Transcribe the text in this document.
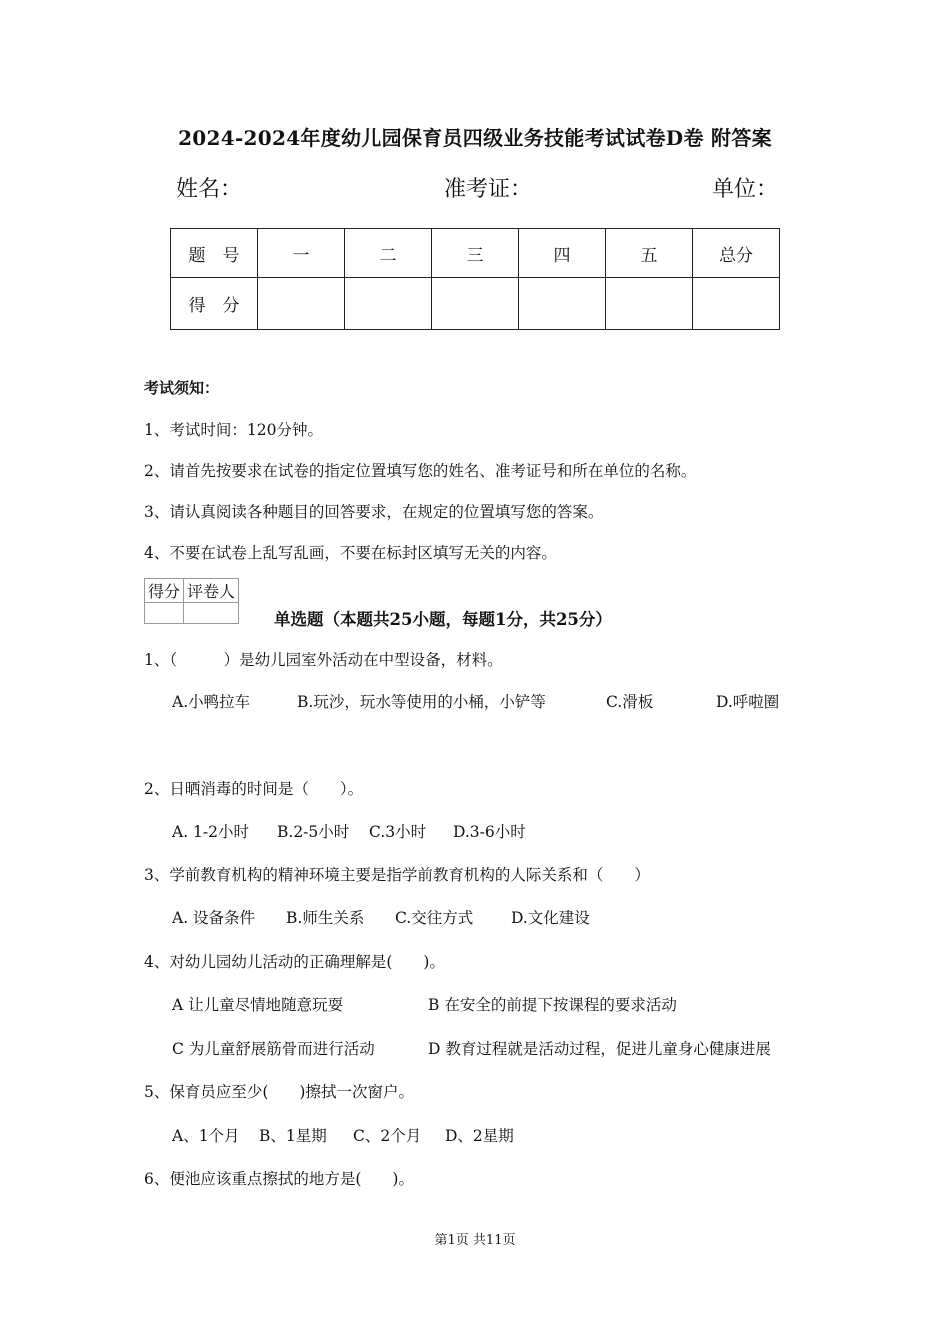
2024-2024年度幼儿园保育员四级业务技能考试试卷D卷 附答案
姓名：	准考证：	单位：
题　号	一	二	三	四	五	总分
得　分						
考试须知：
1、考试时间：120分钟。
2、请首先按要求在试卷的指定位置填写您的姓名、准考证号和所在单位的名称。
3、请认真阅读各种题目的回答要求，在规定的位置填写您的答案。
4、不要在试卷上乱写乱画，不要在标封区填写无关的内容。
得分	评卷人

单选题（本题共25小题，每题1分，共25分）
1、（　　　）是幼儿园室外活动在中型设备，材料。
A.小鸭拉车	B.玩沙，玩水等使用的小桶，小铲等	C.滑板	D.呼啦圈
2、日晒消毒的时间是（　　）。
A. 1-2小时 B.2-5小时 C.3小时 D.3-6小时
3、学前教育机构的精神环境主要是指学前教育机构的人际关系和（　　）
A. 设备条件 B.师生关系 C.交往方式 D.文化建设
4、对幼儿园幼儿活动的正确理解是(　　)。
A 让儿童尽情地随意玩耍	B 在安全的前提下按课程的要求活动
C 为儿童舒展筋骨而进行活动	D 教育过程就是活动过程，促进儿童身心健康进展
5、保育员应至少(　　)擦拭一次窗户。
A、1个月 B、1星期 C、2个月 D、2星期
6、便池应该重点擦拭的地方是(　　)。
第1页 共11页
